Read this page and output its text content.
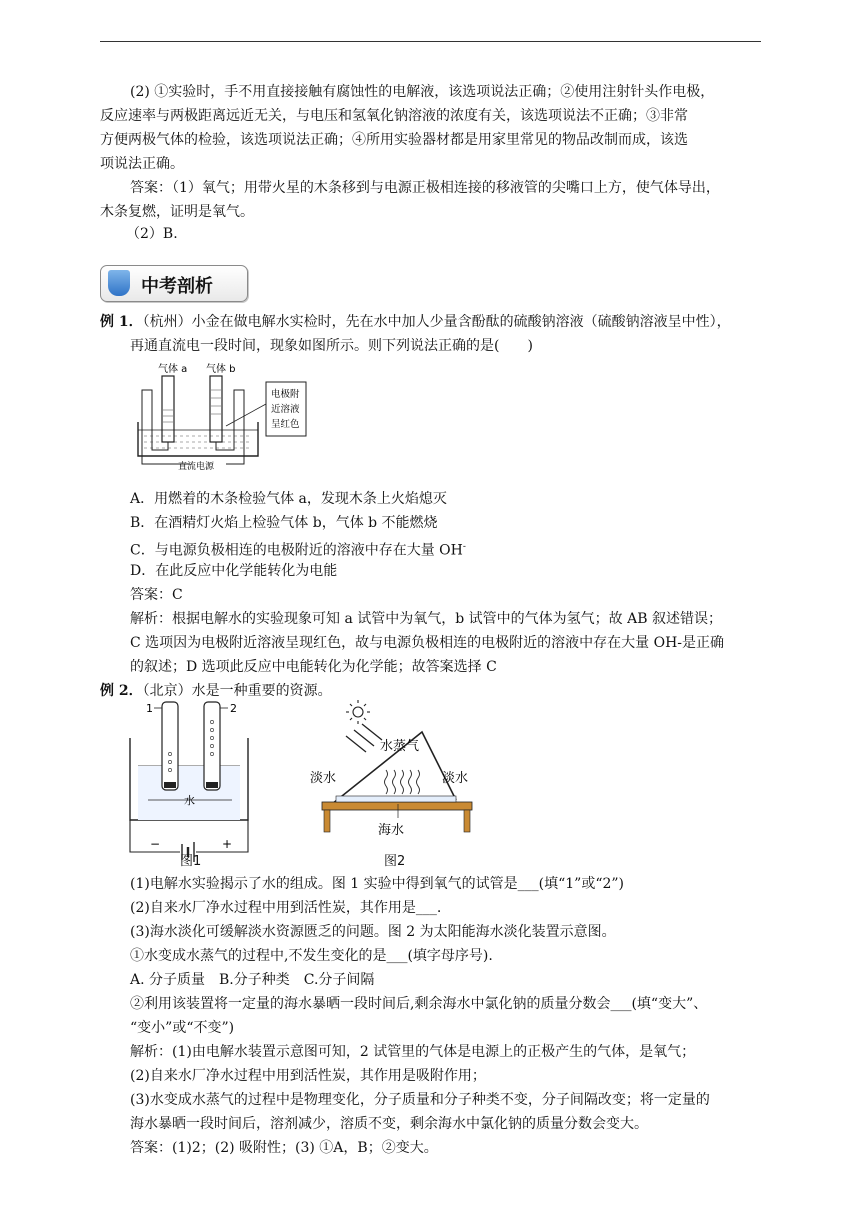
(2) ①实验时，手不用直接接触有腐蚀性的电解液，该选项说法正确；②使用注射针头作电极，

反应速率与两极距离远近无关，与电压和氢氧化钠溶液的浓度有关，该选项说法不正确；③非常

方便两极气体的检验，该选项说法正确；④所用实验器材都是用家里常见的物品改制而成，该选

项说法正确。

答案：（1）氧气；用带火星的木条移到与电源正极相连接的移液管的尖嘴口上方，使气体导出，

木条复燃，证明是氧气。

（2）B.

中考剖析

例 1．（杭州）小金在做电解水实检时，先在水中加人少量含酚酞的硫酸钠溶液（硫酸钠溶液呈中性），

再通直流电一段时间，现象如图所示。则下列说法正确的是(　　)

气体 a 气体 b
直流电源
电极附
近溶液
呈红色

A．用燃着的木条检验气体 a，发现木条上火焰熄灭

B．在酒精灯火焰上检验气体 b，气体 b 不能燃烧

C．与电源负极相连的电极附近的溶液中存在大量 OH-

D．在此反应中化学能转化为电能

答案：C

解析：根据电解水的实验现象可知 a 试管中为氧气，b 试管中的气体为氢气；故 AB 叙述错误；

C 选项因为电极附近溶液呈现红色，故与电源负极相连的电极附近的溶液中存在大量 OH-是正确

的叙述；D 选项此反应中电能转化为化学能；故答案选择 C

例 2．（北京）水是一种重要的资源。

1	2
水
−	+
淡水
水蒸气
淡水
海水
图1	图2

(1)电解水实验揭示了水的组成。图 1 实验中得到氧气的试管是___(填“1”或“2”)

(2)自来水厂净水过程中用到活性炭，其作用是___.

(3)海水淡化可缓解淡水资源匮乏的问题。图 2 为太阳能海水淡化装置示意图。

①水变成水蒸气的过程中,不发生变化的是___(填字母序号).

A. 分子质量　B.分子种类　C.分子间隔

②利用该装置将一定量的海水暴晒一段时间后,剩余海水中氯化钠的质量分数会___(填“变大”、

“变小”或“不变”)

解析：(1)由电解水装置示意图可知，2 试管里的气体是电源上的正极产生的气体，是氧气；

(2)自来水厂净水过程中用到活性炭，其作用是吸附作用；

(3)水变成水蒸气的过程中是物理变化，分子质量和分子种类不变，分子间隔改变；将一定量的

海水暴晒一段时间后，溶剂减少，溶质不变，剩余海水中氯化钠的质量分数会变大。

答案：(1)2；(2) 吸附性；(3) ①A，B；②变大。
